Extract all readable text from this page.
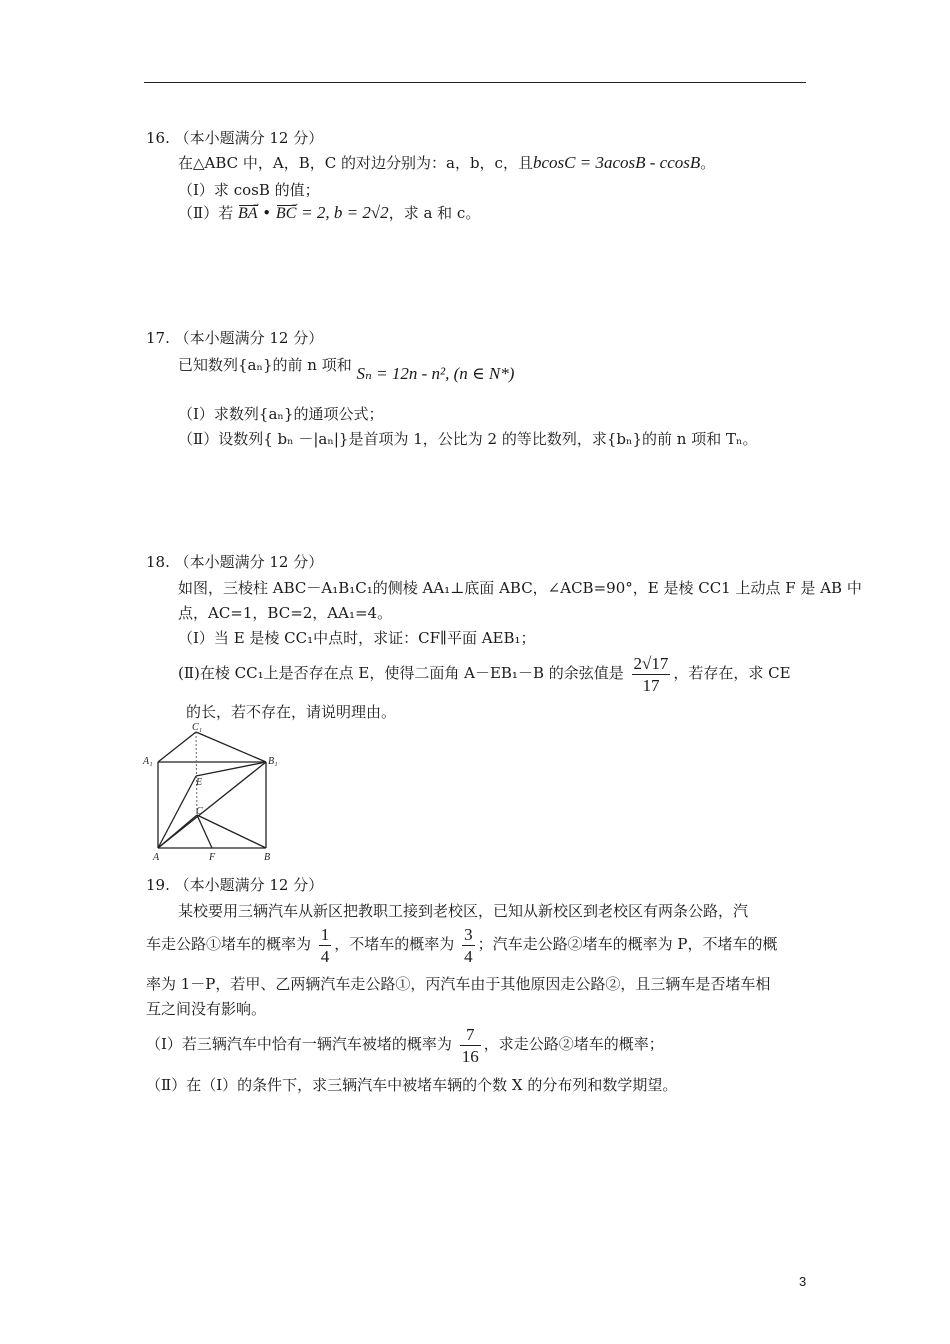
16. （本小题满分 12 分）
在△ABC 中，A，B，C 的对边分别为：a，b，c，且bcosC = 3acosB - ccosB。
（Ⅰ）求 cosB 的值；
（Ⅱ）若 BA → • BC → = 2, b = 2√2，求 a 和 c。
17. （本小题满分 12 分）
已知数列{aₙ}的前 n 项和 Sₙ = 12n - n², (n ∈ N*)
（Ⅰ）求数列{aₙ}的通项公式；
（Ⅱ）设数列{ bₙ －|aₙ|}是首项为 1，公比为 2 的等比数列，求{bₙ}的前 n 项和 Tₙ。
18. （本小题满分 12 分）
如图，三棱柱 ABC－A₁B₁C₁的侧棱 AA₁⊥底面 ABC，∠ACB=90°，E 是棱 CC1 上动点 F 是 AB 中
点，AC=1，BC=2，AA₁=4。
（Ⅰ）当 E 是棱 CC₁中点时，求证：CF∥平面 AEB₁；
(Ⅱ)在棱 CC₁上是否存在点 E，使得二面角 A－EB₁－B 的余弦值是 $\frac{2√17}{17}$ ，若存在，求 CE
的长，若不存在，请说明理由。
C₁
A₁	B₁
E
C
A	F	B
19. （本小题满分 12 分）
某校要用三辆汽车从新区把教职工接到老校区，已知从新校区到老校区有两条公路，汽
车走公路①堵车的概率为 $\frac{1}{4}$ ，不堵车的概率为 $\frac{3}{4}$ ；汽车走公路②堵车的概率为 P，不堵车的概
率为 1－P，若甲、乙两辆汽车走公路①，丙汽车由于其他原因走公路②，且三辆车是否堵车相
互之间没有影响。
（Ⅰ）若三辆汽车中恰有一辆汽车被堵的概率为 $\frac{7}{16}$ ，求走公路②堵车的概率；
（Ⅱ）在（Ⅰ）的条件下，求三辆汽车中被堵车辆的个数 X 的分布列和数学期望。
3
